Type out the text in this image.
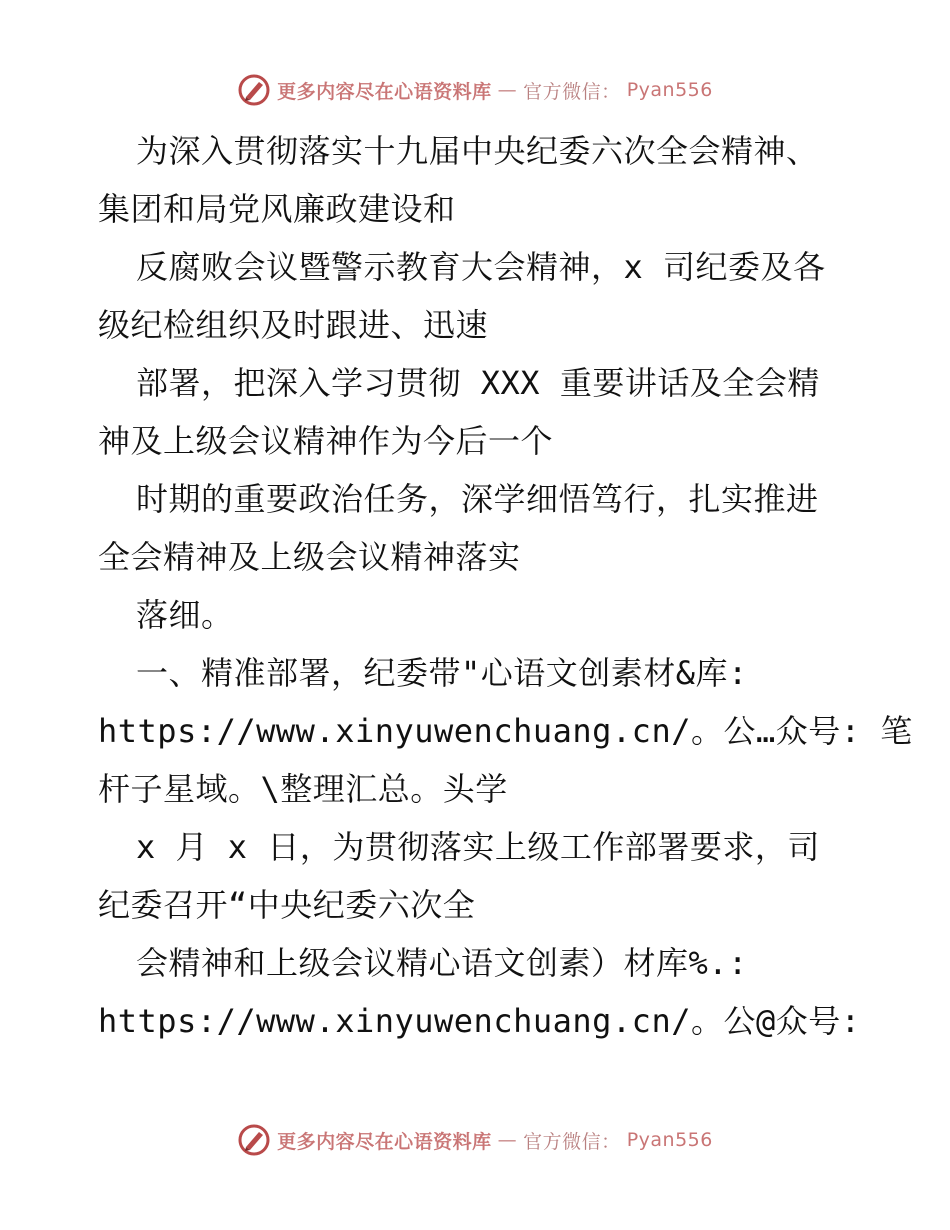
更多内容尽在心语资料库 — 官方微信： Pyan556
为深入贯彻落实十九届中央纪委六次全会精神、
集团和局党风廉政建设和
反腐败会议暨警示教育大会精神，x 司纪委及各
级纪检组织及时跟进、迅速
部署，把深入学习贯彻 XXX 重要讲话及全会精
神及上级会议精神作为今后一个
时期的重要政治任务，深学细悟笃行，扎实推进
全会精神及上级会议精神落实
落细。
一、精准部署，纪委带"心语文创素材&库:
https://www.xinyuwenchuang.cn/。公…众号: 笔
杆子星域。\整理汇总。头学
x 月 x 日，为贯彻落实上级工作部署要求，司
纪委召开“中央纪委六次全
会精神和上级会议精心语文创素）材库%.:
https://www.xinyuwenchuang.cn/。公@众号:
更多内容尽在心语资料库 — 官方微信： Pyan556
